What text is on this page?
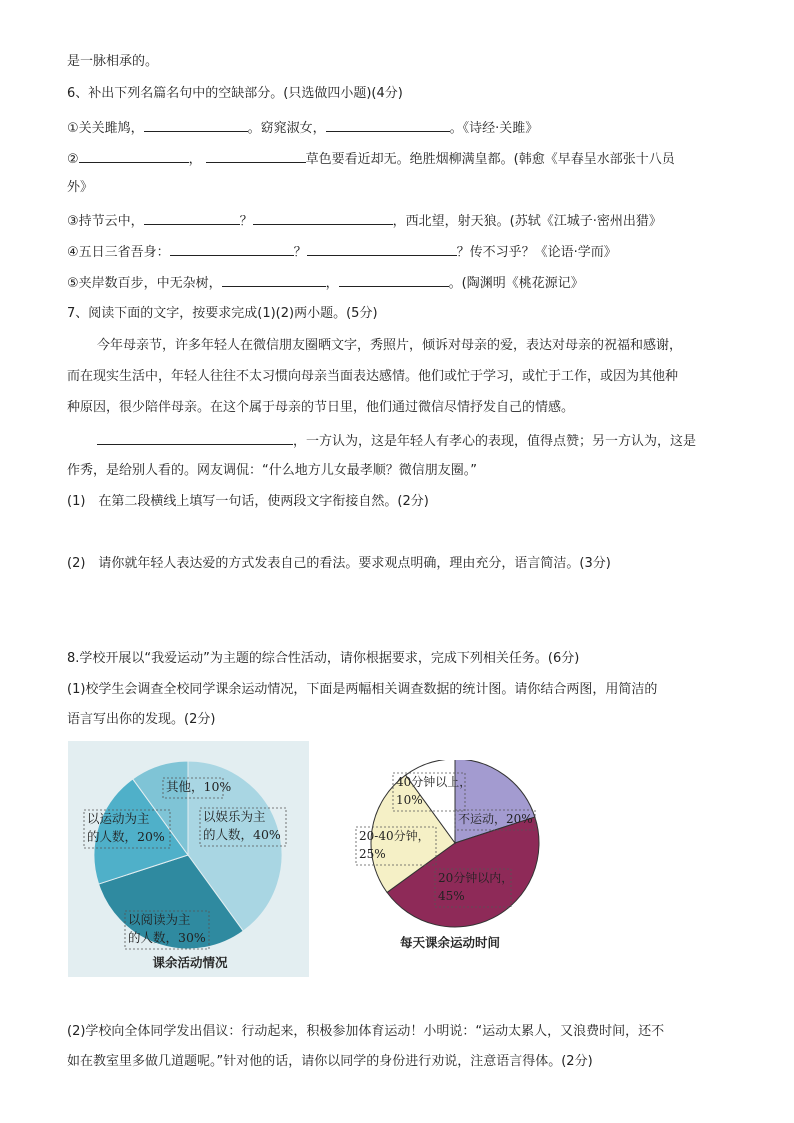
是一脉相承的。
6、补出下列名篇名句中的空缺部分。(只选做四小题)(4分)
①关关雎鸠，	。窈窕淑女，	。《诗经·关雎》
②	，	草色要看近却无。绝胜烟柳满皇都。(韩愈《早春呈水部张十八员
外》
③持节云中，	？	，西北望，射天狼。(苏轼《江城子·密州出猎》
④五日三省吾身：	？	？传不习乎？《论语·学而》
⑤夹岸数百步，中无杂树，	，	。(陶渊明《桃花源记》
7、阅读下面的文字，按要求完成(1)(2)两小题。(5分)
今年母亲节，许多年轻人在微信朋友圈晒文字，秀照片，倾诉对母亲的爱，表达对母亲的祝福和感谢，
而在现实生活中，年轻人往往不太习惯向母亲当面表达感情。他们或忙于学习，或忙于工作，或因为其他种
种原因，很少陪伴母亲。在这个属于母亲的节日里，他们通过微信尽情抒发自己的情感。
，一方认为，这是年轻人有孝心的表现，值得点赞；另一方认为，这是
作秀，是给别人看的。网友调侃：“什么地方儿女最孝顺？微信朋友圈。”
(1)　在第二段横线上填写一句话，使两段文字衔接自然。(2分)
(2)　请你就年轻人表达爱的方式发表自己的看法。要求观点明确，理由充分，语言简洁。(3分)
8.学校开展以“我爱运动”为主题的综合性活动，请你根据要求，完成下列相关任务。(6分)
(1)校学生会调查全校同学课余运动情况，下面是两幅相关调查数据的统计图。请你结合两图，用简洁的
语言写出你的发现。(2分)
以娱乐为主的人数，40%
以阅读为主的人数，30%
以运动为主的人数，20%
其他，10%
课余活动情况
不运动，20%
20分钟以内， 45%
20-40分钟， 25%
40分钟以上， 10%
每天课余运动时间
(2)学校向全体同学发出倡议：行动起来，积极参加体育运动！小明说：“运动太累人，又浪费时间，还不
如在教室里多做几道题呢。”针对他的话，请你以同学的身份进行劝说，注意语言得体。(2分)
